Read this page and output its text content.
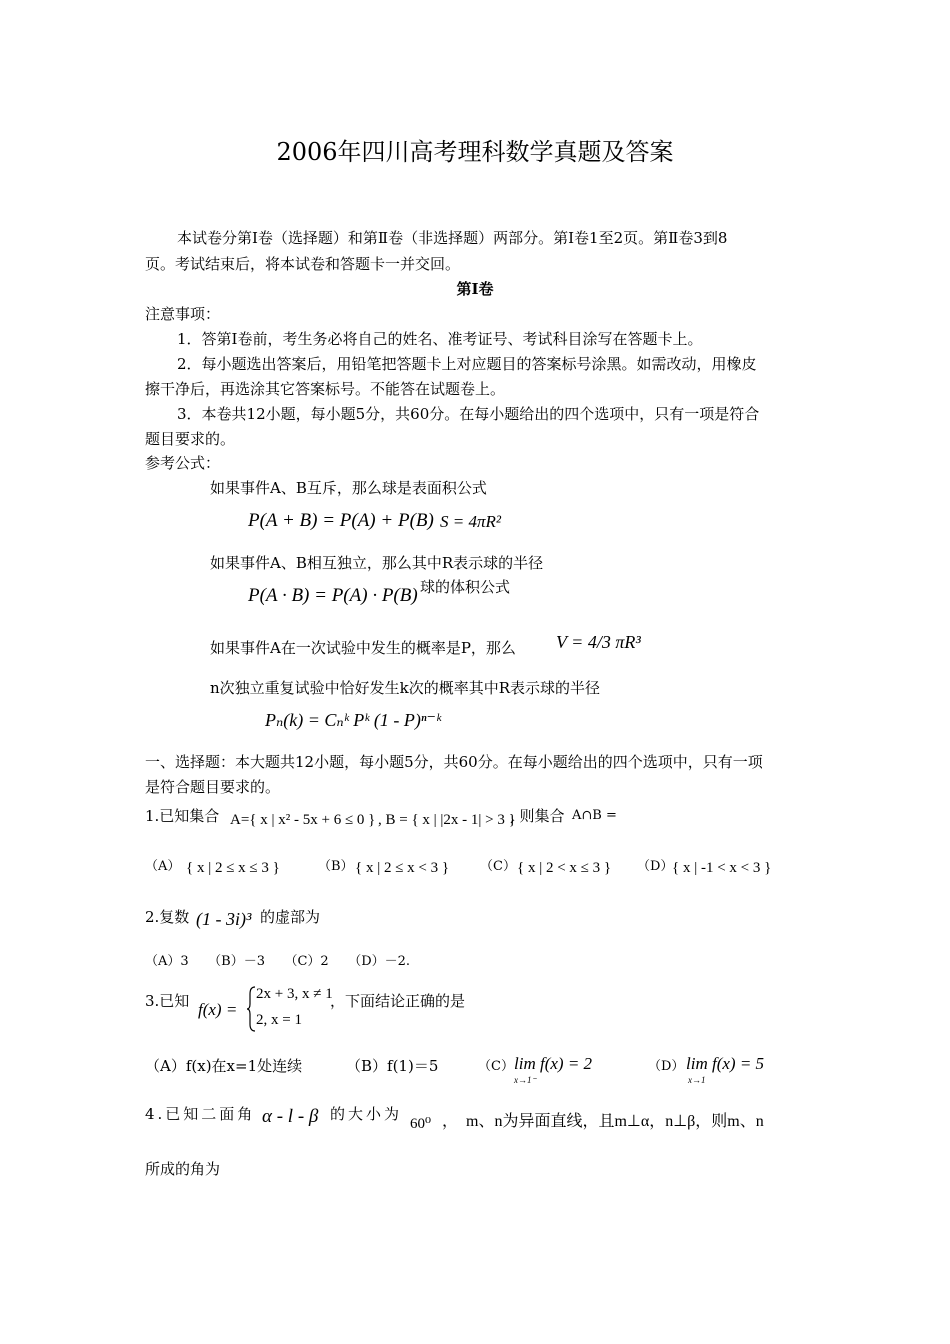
2006年四川高考理科数学真题及答案
本试卷分第Ⅰ卷（选择题）和第Ⅱ卷（非选择题）两部分。第Ⅰ卷1至2页。第Ⅱ卷3到8
页。考试结束后，将本试卷和答题卡一并交回。
第Ⅰ卷
注意事项：
1．答第Ⅰ卷前，考生务必将自己的姓名、准考证号、考试科目涂写在答题卡上。
2．每小题选出答案后，用铅笔把答题卡上对应题目的答案标号涂黑。如需改动，用橡皮
擦干净后，再选涂其它答案标号。不能答在试题卷上。
3．本卷共12小题，每小题5分，共60分。在每小题给出的四个选项中，只有一项是符合
题目要求的。
参考公式：
如果事件A、B互斥，那么球是表面积公式
P(A + B) = P(A) + P(B) S = 4πR²
如果事件A、B相互独立，那么其中R表示球的半径
P(A · B) = P(A) · P(B) 球的体积公式
如果事件A在一次试验中发生的概率是P，那么 V = 4/3 πR³
n次独立重复试验中恰好发生k次的概率其中R表示球的半径
Pₙ(k) = Cₙᵏ Pᵏ (1 - P)ⁿ⁻ᵏ
一、选择题：本大题共12小题，每小题5分，共60分。在每小题给出的四个选项中，只有一项
是符合题目要求的。
1.已知集合 A={ x | x² - 5x + 6 ≤ 0 } , B = { x | |2x - 1| > 3 }
, 则集合 A∩B =
（A） { x | 2 ≤ x ≤ 3 }	（B） { x | 2 ≤ x < 3 } （C） { x | 2 < x ≤ 3 } （D）
{ x | -1 < x < 3 }
2.复数 (1 - 3i)³ 的虚部为
（A）3　　（B）－3　　（C）2　　（D）－2.
3.已知 f(x) =
2x + 3, x ≠ 1
2, x = 1
，下面结论正确的是
（A）f(x)在x=1处连续	（B）f(1)＝5	（C） lim f(x) = 2
x→1⁻
（D） lim f(x) = 5
x→1
4.已知二面角 α - l - β 的大小为
60⁰ ，　m、n为异面直线，且m⊥α，n⊥β，则m、n
所成的角为
